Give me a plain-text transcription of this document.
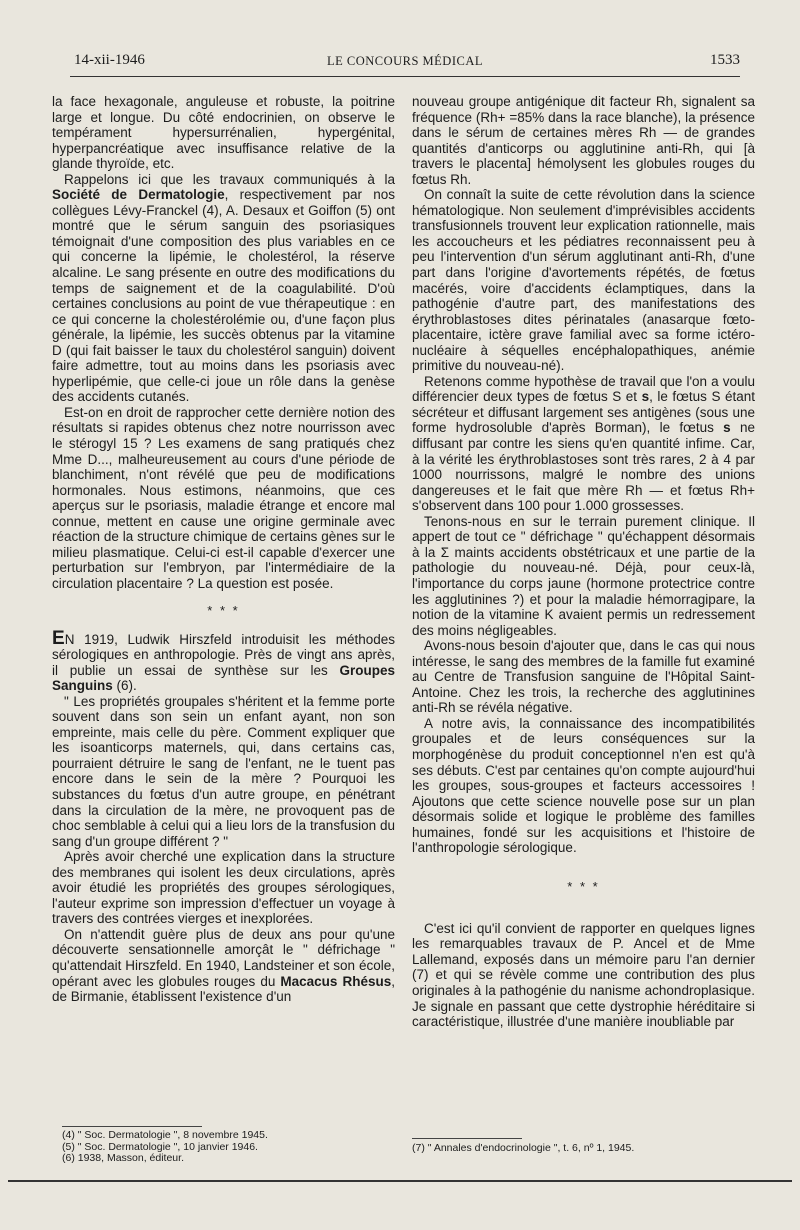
14-xii-1946	LE CONCOURS MÉDICAL	1533

la face hexagonale, anguleuse et robuste, la poitrine large et longue. Du côté endocrinien, on observe le tempérament hypersurrénalien, hypergénital, hyperpancréatique avec insuffisance relative de la glande thyroïde, etc.

Rappelons ici que les travaux communiqués à la Société de Dermatologie, respectivement par nos collègues Lévy-Franckel (4), A. Desaux et Goiffon (5) ont montré que le sérum sanguin des psoriasiques témoignait d'une composition des plus variables en ce qui concerne la lipémie, le cholestérol, la réserve alcaline. Le sang présente en outre des modifications du temps de saignement et de la coagulabilité. D'où certaines conclusions au point de vue thérapeutique : en ce qui concerne la cholestérolémie ou, d'une façon plus générale, la lipémie, les succès obtenus par la vitamine D (qui fait baisser le taux du cholestérol sanguin) doivent faire admettre, tout au moins dans les psoriasis avec hyperlipémie, que celle-ci joue un rôle dans la genèse des accidents cutanés.

Est-on en droit de rapprocher cette dernière notion des résultats si rapides obtenus chez notre nourrisson avec le stérogyl 15 ? Les examens de sang pratiqués chez Mme D..., malheureusement au cours d'une période de blanchiment, n'ont révélé que peu de modifications hormonales. Nous estimons, néanmoins, que ces aperçus sur le psoriasis, maladie étrange et encore mal connue, mettent en cause une origine germinale avec réaction de la structure chimique de certains gènes sur le milieu plasmatique. Celui-ci est-il capable d'exercer une perturbation sur l'embryon, par l'intermédiaire de la circulation placentaire ? La question est posée.

* * *

EN 1919, Ludwik Hirszfeld introduisit les méthodes sérologiques en anthropologie. Près de vingt ans après, il publie un essai de synthèse sur les Groupes Sanguins (6).

" Les propriétés groupales s'héritent et la femme porte souvent dans son sein un enfant ayant, non son empreinte, mais celle du père. Comment expliquer que les isoanticorps maternels, qui, dans certains cas, pourraient détruire le sang de l'enfant, ne le tuent pas encore dans le sein de la mère ? Pourquoi les substances du fœtus d'un autre groupe, en pénétrant dans la circulation de la mère, ne provoquent pas de choc semblable à celui qui a lieu lors de la transfusion du sang d'un groupe différent ? "

Après avoir cherché une explication dans la structure des membranes qui isolent les deux circulations, après avoir étudié les propriétés des groupes sérologiques, l'auteur exprime son impression d'effectuer un voyage à travers des contrées vierges et inexplorées.

On n'attendit guère plus de deux ans pour qu'une découverte sensationnelle amorçât le " défrichage " qu'attendait Hirszfeld. En 1940, Landsteiner et son école, opérant avec les globules rouges du Macacus Rhésus, de Birmanie, établissent l'existence d'un

(4) " Soc. Dermatologie ", 8 novembre 1945.
(5) " Soc. Dermatologie ", 10 janvier 1946.
(6) 1938, Masson, éditeur.

nouveau groupe antigénique dit facteur Rh, signalent sa fréquence (Rh+ =85% dans la race blanche), la présence dans le sérum de certaines mères Rh — de grandes quantités d'anticorps ou agglutinine anti-Rh, qui [à travers le placenta] hémolysent les globules rouges du fœtus Rh.

On connaît la suite de cette révolution dans la science hématologique. Non seulement d'imprévisibles accidents transfusionnels trouvent leur explication rationnelle, mais les accoucheurs et les pédiatres reconnaissent peu à peu l'intervention d'un sérum agglutinant anti-Rh, d'une part dans l'origine d'avortements répétés, de fœtus macérés, voire d'accidents éclamptiques, dans la pathogénie d'autre part, des manifestations des érythroblastoses dites périnatales (anasarque fœto-placentaire, ictère grave familial avec sa forme ictéro-nucléaire à séquelles encéphalopathiques, anémie primitive du nouveau-né).

Retenons comme hypothèse de travail que l'on a voulu différencier deux types de fœtus S et s, le fœtus S étant sécréteur et diffusant largement ses antigènes (sous une forme hydrosoluble d'après Borman), le fœtus s ne diffusant par contre les siens qu'en quantité infime. Car, à la vérité les érythroblastoses sont très rares, 2 à 4 par 1000 nourrissons, malgré le nombre des unions dangereuses et le fait que mère Rh — et fœtus Rh+ s'observent dans 100 pour 1.000 grossesses.

Tenons-nous en sur le terrain purement clinique. Il appert de tout ce " défrichage " qu'échappent désormais à la Σ maints accidents obstétricaux et une partie de la pathologie du nouveau-né. Déjà, pour ceux-là, l'importance du corps jaune (hormone protectrice contre les agglutinines ?) et pour la maladie hémorragipare, la notion de la vitamine K avaient permis un redressement des moins négligeables.

Avons-nous besoin d'ajouter que, dans le cas qui nous intéresse, le sang des membres de la famille fut examiné au Centre de Transfusion sanguine de l'Hôpital Saint-Antoine. Chez les trois, la recherche des agglutinines anti-Rh se révéla négative.

A notre avis, la connaissance des incompatibilités groupales et de leurs conséquences sur la morphogénèse du produit conceptionnel n'en est qu'à ses débuts. C'est par centaines qu'on compte aujourd'hui les groupes, sous-groupes et facteurs accessoires ! Ajoutons que cette science nouvelle pose sur un plan désormais solide et logique le problème des familles humaines, fondé sur les acquisitions et l'histoire de l'anthropologie sérologique.

* * *

C'est ici qu'il convient de rapporter en quelques lignes les remarquables travaux de P. Ancel et de Mme Lallemand, exposés dans un mémoire paru l'an dernier (7) et qui se révèle comme une contribution des plus originales à la pathogénie du nanisme achondroplasique. Je signale en passant que cette dystrophie héréditaire si caractéristique, illustrée d'une manière inoubliable par

(7) " Annales d'endocrinologie ", t. 6, nº 1, 1945.
